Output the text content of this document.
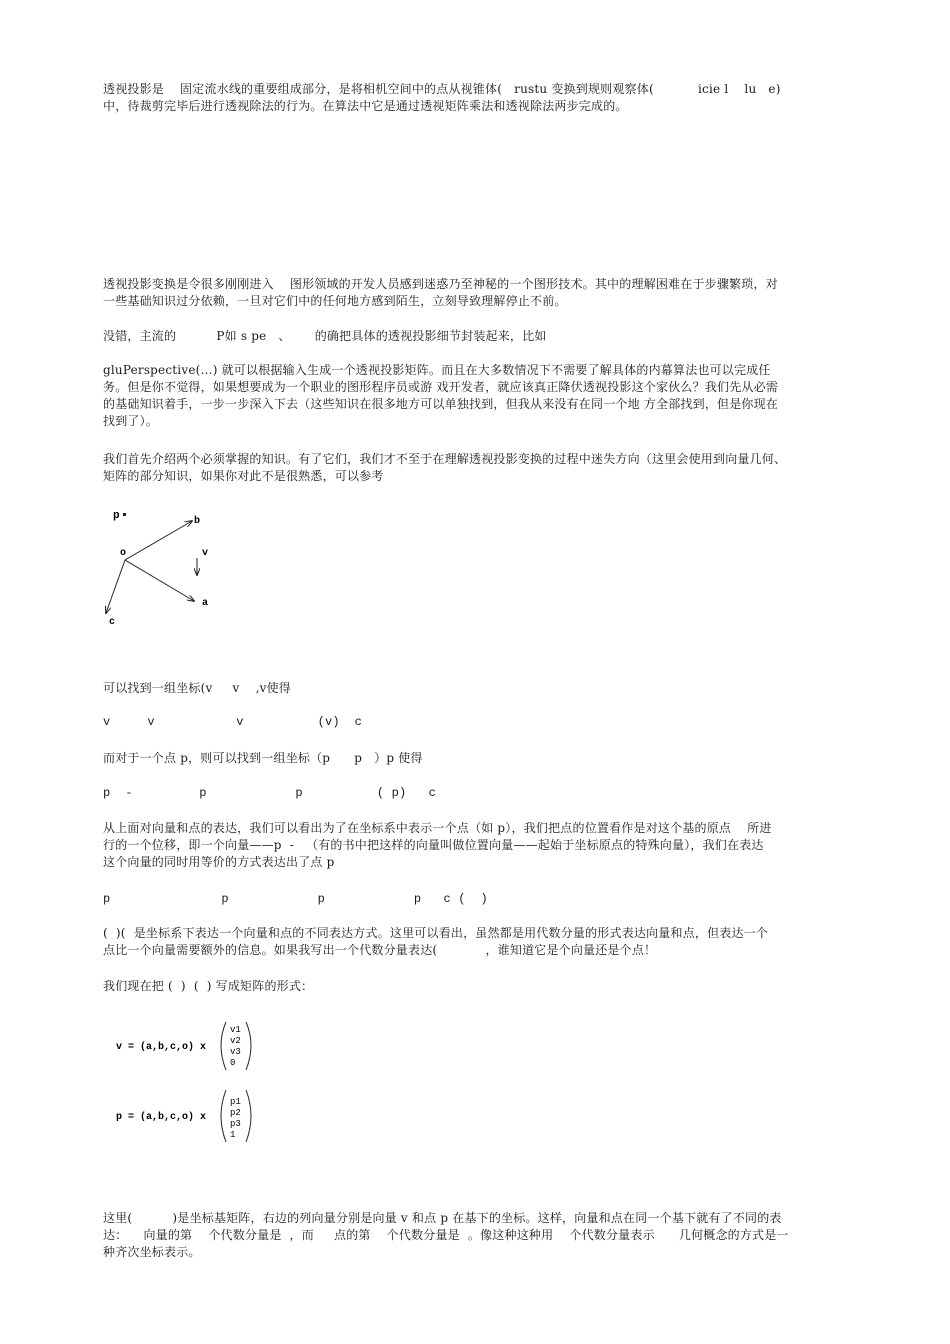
透视投影是    固定流水线的重要组成部分，是将相机空间中的点从视锥体(   rustu 变换到规则观察体(           icie l    lu   e)
中，待裁剪完毕后进行透视除法的行为。在算法中它是通过透视矩阵乘法和透视除法两步完成的。
透视投影变换是令很多刚刚进入    图形领域的开发人员感到迷惑乃至神秘的一个图形技术。其中的理解困难在于步骤繁琐，对
一些基础知识过分依赖，一旦对它们中的任何地方感到陌生，立刻导致理解停止不前。
没错，主流的          P如 s pe   、      的确把具体的透视投影细节封装起来，比如
gluPerspective(…) 就可以根据输入生成一个透视投影矩阵。而且在大多数情况下不需要了解具体的内幕算法也可以完成任
务。但是你不觉得，如果想要成为一个职业的图形程序员或游 戏开发者，就应该真正降伏透视投影这个家伙么？我们先从必需
的基础知识着手，一步一步深入下去（这些知识在很多地方可以单独找到，但我从来没有在同一个地 方全部找到，但是你现在
找到了）。
我们首先介绍两个必须掌握的知识。有了它们，我们才不至于在理解透视投影变换的过程中迷失方向（这里会使用到向量几何、
矩阵的部分知识，如果你对此不是很熟悉，可以参考
p
o
b
a
c
v
可以找到一组坐标(v     v    ,v使得
v     v           v          (v)  c
而对于一个点 p，则可以找到一组坐标（p      p   ）p 使得
p  -         p            p          ( p)   c
从上面对向量和点的表达，我们可以看出为了在坐标系中表示一个点（如 p），我们把点的位置看作是对这个基的原点    所进
行的一个位移，即一个向量——p  -   （有的书中把这样的向量叫做位置向量——起始于坐标原点的特殊向量），我们在表达
这个向量的同时用等价的方式表达出了点 p
p               p            p            p   c (  )
(  )(  是坐标系下表达一个向量和点的不同表达方式。这里可以看出，虽然都是用代数分量的形式表达向量和点，但表达一个
点比一个向量需要额外的信息。如果我写出一个代数分量表达(            ，谁知道它是个向量还是个点！
我们现在把 (  )  (  ) 写成矩阵的形式：
v = (a,b,c,o) x
v1
v2
v3
0
p = (a,b,c,o) x
p1
p2
p3
1
这里(          )是坐标基矩阵，右边的列向量分别是向量 v 和点 p 在基下的坐标。这样，向量和点在同一个基下就有了不同的表
达：    向量的第    个代数分量是  ，而     点的第    个代数分量是  。像这种这种用    个代数分量表示      几何概念的方式是一
种齐次坐标表示。
